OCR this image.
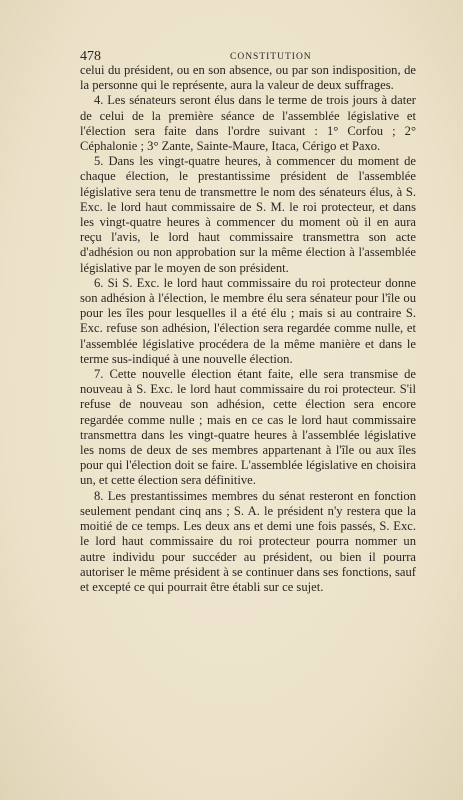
478	CONSTITUTION

celui du président, ou en son absence, ou par son indisposition, de la personne qui le représente, aura la valeur de deux suffrages.

4. Les sénateurs seront élus dans le terme de trois jours à dater de celui de la première séance de l'assemblée législative et l'élection sera faite dans l'ordre suivant : 1° Corfou ; 2° Céphalonie ; 3° Zante, Sainte-Maure, Itaca, Cérigo et Paxo.

5. Dans les vingt-quatre heures, à commencer du moment de chaque élection, le prestantissime président de l'assemblée législative sera tenu de transmettre le nom des sénateurs élus, à S. Exc. le lord haut commissaire de S. M. le roi protecteur, et dans les vingt-quatre heures à commencer du moment où il en aura reçu l'avis, le lord haut commissaire transmettra son acte d'adhésion ou non approbation sur la même élection à l'assemblée législative par le moyen de son président.

6. Si S. Exc. le lord haut commissaire du roi protecteur donne son adhésion à l'élection, le membre élu sera sénateur pour l'île ou pour les îles pour lesquelles il a été élu ; mais si au contraire S. Exc. refuse son adhésion, l'élection sera regardée comme nulle, et l'assemblée législative procédera de la même manière et dans le terme sus-indiqué à une nouvelle élection.

7. Cette nouvelle élection étant faite, elle sera transmise de nouveau à S. Exc. le lord haut commissaire du roi protecteur. S'il refuse de nouveau son adhésion, cette élection sera encore regardée comme nulle ; mais en ce cas le lord haut commissaire transmettra dans les vingt-quatre heures à l'assemblée législative les noms de deux de ses membres appartenant à l'île ou aux îles pour qui l'élection doit se faire. L'assemblée législative en choisira un, et cette élection sera définitive.

8. Les prestantissimes membres du sénat resteront en fonction seulement pendant cinq ans ; S. A. le président n'y restera que la moitié de ce temps. Les deux ans et demi une fois passés, S. Exc. le lord haut commissaire du roi protecteur pourra nommer un autre individu pour succéder au président, ou bien il pourra autoriser le même président à se continuer dans ses fonctions, sauf et excepté ce qui pourrait être établi sur ce sujet.
